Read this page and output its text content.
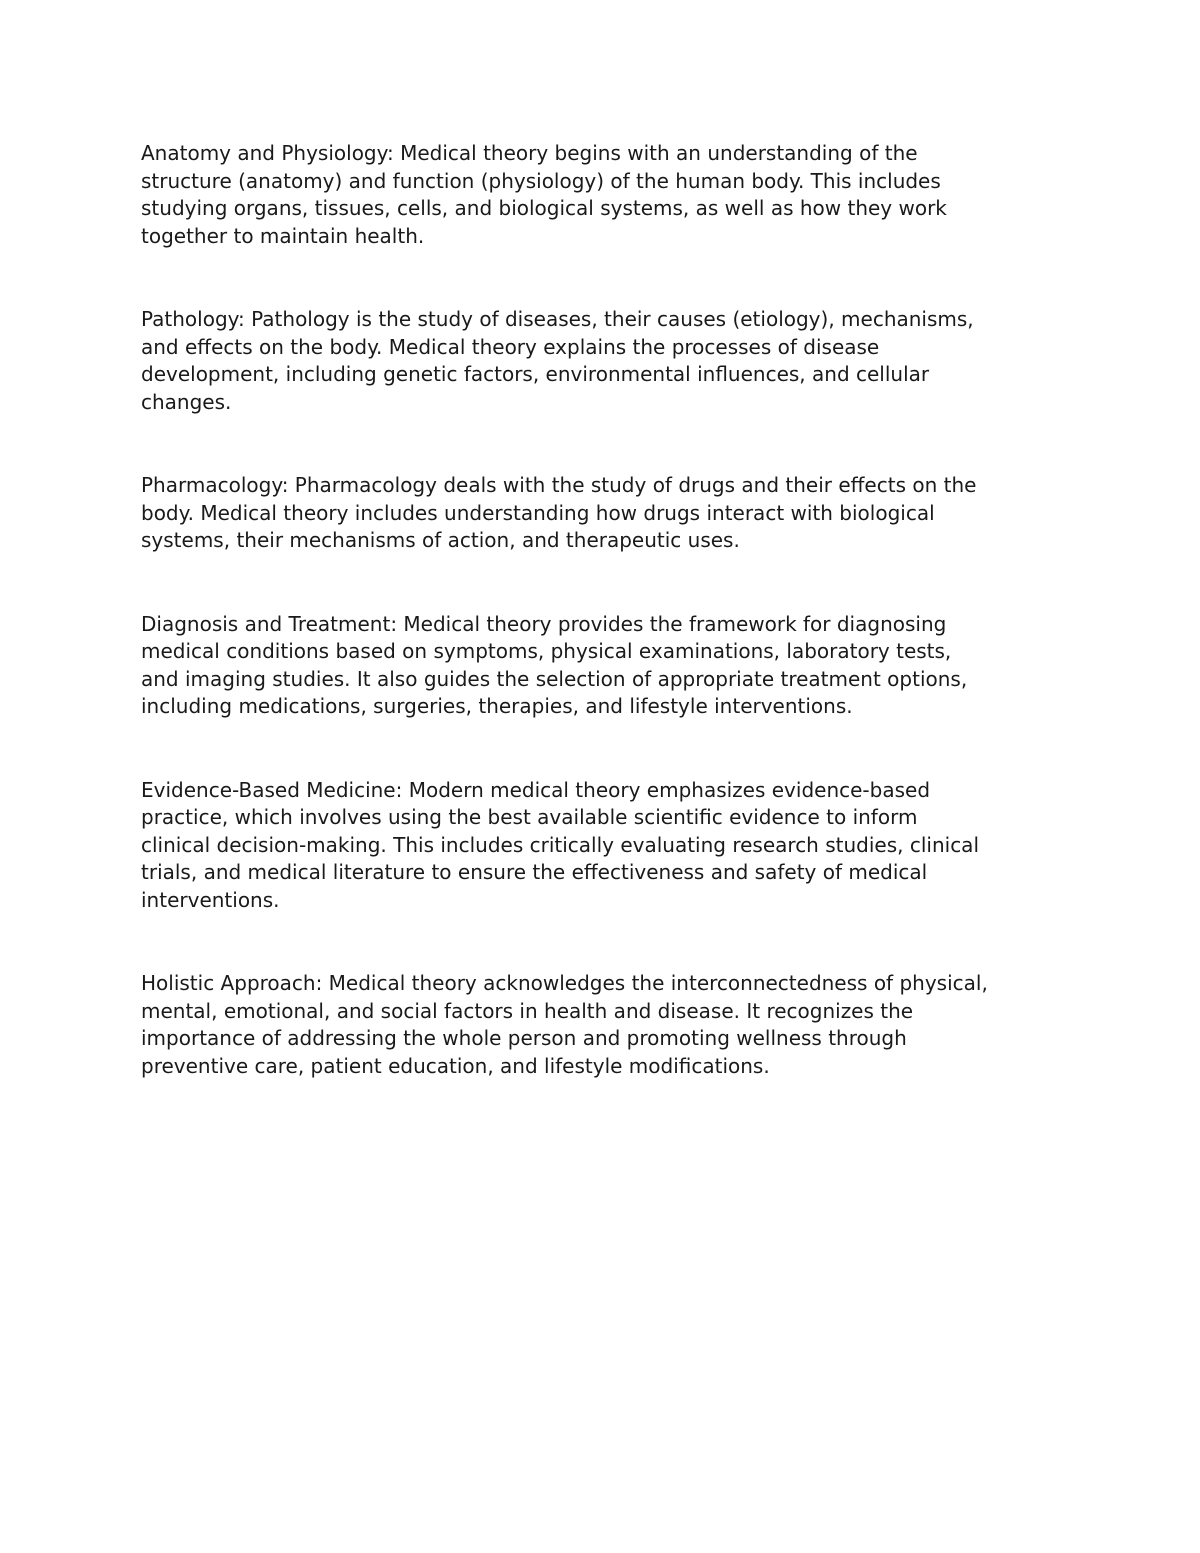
Anatomy and Physiology: Medical theory begins with an understanding of the
structure (anatomy) and function (physiology) of the human body. This includes
studying organs, tissues, cells, and biological systems, as well as how they work
together to maintain health.

Pathology: Pathology is the study of diseases, their causes (etiology), mechanisms,
and effects on the body. Medical theory explains the processes of disease
development, including genetic factors, environmental influences, and cellular
changes.

Pharmacology: Pharmacology deals with the study of drugs and their effects on the
body. Medical theory includes understanding how drugs interact with biological
systems, their mechanisms of action, and therapeutic uses.

Diagnosis and Treatment: Medical theory provides the framework for diagnosing
medical conditions based on symptoms, physical examinations, laboratory tests,
and imaging studies. It also guides the selection of appropriate treatment options,
including medications, surgeries, therapies, and lifestyle interventions.

Evidence-Based Medicine: Modern medical theory emphasizes evidence-based
practice, which involves using the best available scientific evidence to inform
clinical decision-making. This includes critically evaluating research studies, clinical
trials, and medical literature to ensure the effectiveness and safety of medical
interventions.

Holistic Approach: Medical theory acknowledges the interconnectedness of physical,
mental, emotional, and social factors in health and disease. It recognizes the
importance of addressing the whole person and promoting wellness through
preventive care, patient education, and lifestyle modifications.
